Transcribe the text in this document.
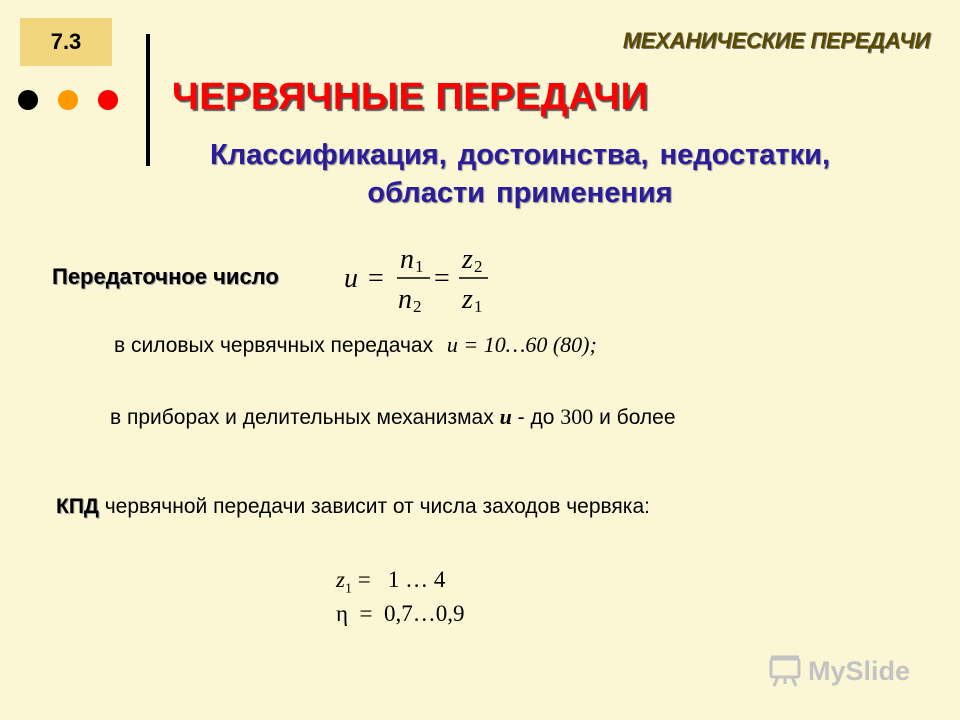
7.3	МЕХАНИЧЕСКИЕ ПЕРЕДАЧИ
ЧЕРВЯЧНЫЕ ПЕРЕДАЧИ
Классификация, достоинства, недостатки,
области применения
Передаточное число u =
n 1
n 2
=
z 2
z 1
в силовых червячных передачах u = 10…60 (80);
в приборах и делительных механизмах u - до 300 и более
КПД червячной передачи зависит от числа заходов червяка:
$z_1 = 1$ … 4
η =  0,7…0,9
MySlide
